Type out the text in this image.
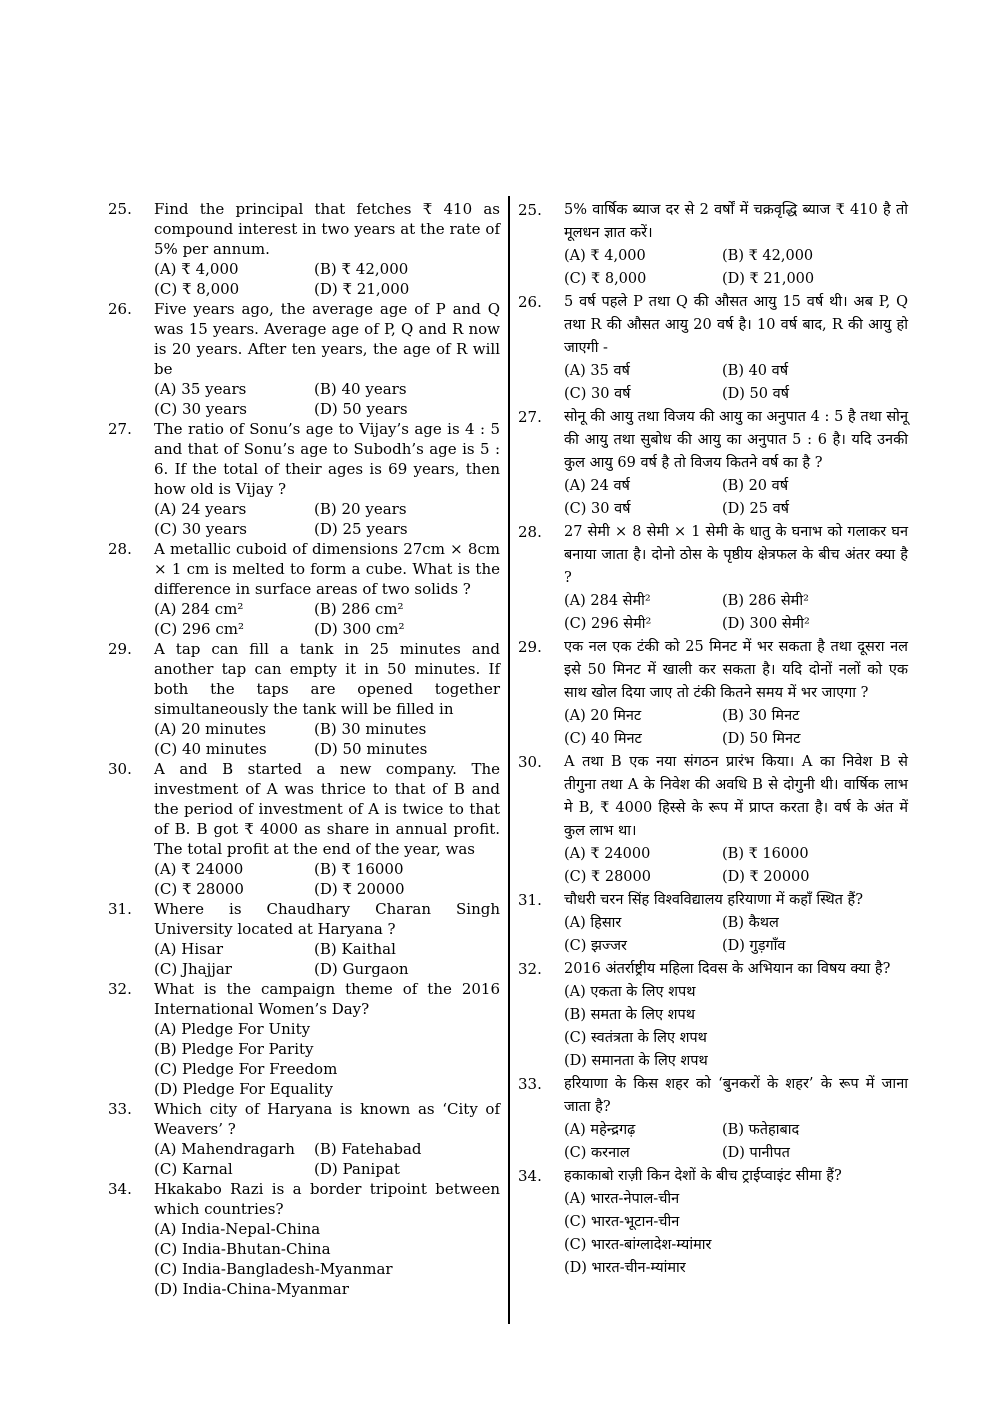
25.	Find the principal that fetches ₹ 410 as compound interest in two years at the rate of 5% per annum.
(A) ₹ 4,000	(B) ₹ 42,000
(C) ₹ 8,000	(D) ₹ 21,000
26.	Five years ago, the average age of P and Q was 15 years. Average age of P, Q and R now is 20 years. After ten years, the age of R will be
(A) 35 years	(B) 40 years
(C) 30 years	(D) 50 years
27.	The ratio of Sonu’s age to Vijay’s age is 4 : 5 and that of Sonu’s age to Subodh’s age is 5 : 6. If the total of their ages is 69 years, then how old is Vijay ?
(A) 24 years	(B) 20 years
(C) 30 years	(D) 25 years
28.	A metallic cuboid of dimensions 27cm × 8cm × 1 cm is melted to form a cube. What is the difference in surface areas of two solids ?
(A) 284 cm²	(B) 286 cm²
(C) 296 cm²	(D) 300 cm²
29.	A tap can fill a tank in 25 minutes and another tap can empty it in 50 minutes. If both the taps are opened together simultaneously the tank will be filled in
(A) 20 minutes	(B) 30 minutes
(C) 40 minutes	(D) 50 minutes
30.	A and B started a new company. The investment of A was thrice to that of B and the period of investment of A is twice to that of B. B got ₹ 4000 as share in annual profit. The total profit at the end of the year, was
(A) ₹ 24000	(B) ₹ 16000
(C) ₹ 28000	(D) ₹ 20000
31.	Where is Chaudhary Charan Singh University located at Haryana ?
(A) Hisar	(B) Kaithal
(C) Jhajjar	(D) Gurgaon
32.	What is the campaign theme of the 2016 International Women’s Day?
(A) Pledge For Unity
(B) Pledge For Parity
(C) Pledge For Freedom
(D) Pledge For Equality
33.	Which city of Haryana is known as ‘City of Weavers’ ?
(A) Mahendragarh	(B) Fatehabad
(C) Karnal	(D) Panipat
34.	Hkakabo Razi is a border tripoint between which countries?
(A) India-Nepal-China
(C) India-Bhutan-China
(C) India-Bangladesh-Myanmar
(D) India-China-Myanmar
25.	5% वार्षिक ब्याज दर से 2 वर्षों में चक्रवृद्धि ब्याज ₹ 410 है तो मूलधन ज्ञात करें।
(A) ₹ 4,000	(B) ₹ 42,000
(C) ₹ 8,000	(D) ₹ 21,000
26.	5 वर्ष पहले P तथा Q की औसत आयु 15 वर्ष थी। अब P, Q तथा R की औसत आयु 20 वर्ष है। 10 वर्ष बाद, R की आयु हो जाएगी -
(A) 35 वर्ष	(B) 40 वर्ष
(C) 30 वर्ष	(D) 50 वर्ष
27.	सोनू की आयु तथा विजय की आयु का अनुपात 4 : 5 है तथा सोनू की आयु तथा सुबोध की आयु का अनुपात 5 : 6 है। यदि उनकी कुल आयु 69 वर्ष है तो विजय कितने वर्ष का है ?
(A) 24 वर्ष	(B) 20 वर्ष
(C) 30 वर्ष	(D) 25 वर्ष
28.	27 सेमी × 8 सेमी × 1 सेमी के धातु के घनाभ को गलाकर घन बनाया जाता है। दोनो ठोस के पृष्ठीय क्षेत्रफल के बीच अंतर क्या है ?
(A) 284 सेमी²	(B) 286 सेमी²
(C) 296 सेमी²	(D) 300 सेमी²
29.	एक नल एक टंकी को 25 मिनट में भर सकता है तथा दूसरा नल इसे 50 मिनट में खाली कर सकता है। यदि दोनों नलों को एक साथ खोल दिया जाए तो टंकी कितने समय में भर जाएगा ?
(A) 20 मिनट	(B) 30 मिनट
(C) 40 मिनट	(D) 50 मिनट
30.	A तथा B एक नया संगठन प्रारंभ किया। A का निवेश B से तीगुना तथा A के निवेश की अवधि B से दोगुनी थी। वार्षिक लाभ मे B, ₹ 4000 हिस्से के रूप में प्राप्त करता है। वर्ष के अंत में कुल लाभ था।
(A) ₹ 24000	(B) ₹ 16000
(C) ₹ 28000	(D) ₹ 20000
31.	चौधरी चरन सिंह विश्वविद्यालय हरियाणा में कहाँ स्थित हैं?
(A) हिसार	(B) कैथल
(C) झज्जर	(D) गुड़गाँव
32.	2016 अंतर्राष्ट्रीय महिला दिवस के अभियान का विषय क्या है?
(A) एकता के लिए शपथ
(B) समता के लिए शपथ
(C) स्वतंत्रता के लिए शपथ
(D) समानता के लिए शपथ
33.	हरियाणा के किस शहर को ‘बुनकरों के शहर’ के रूप में जाना जाता है?
(A) महेन्द्रगढ़	(B) फतेहाबाद
(C) करनाल	(D) पानीपत
34.	हकाकाबो राज़ी किन देशों के बीच ट्राईप्वाइंट सीमा हैं?
(A) भारत-नेपाल-चीन
(C) भारत-भूटान-चीन
(C) भारत-बांग्लादेश-म्यांमार
(D) भारत-चीन-म्यांमार
